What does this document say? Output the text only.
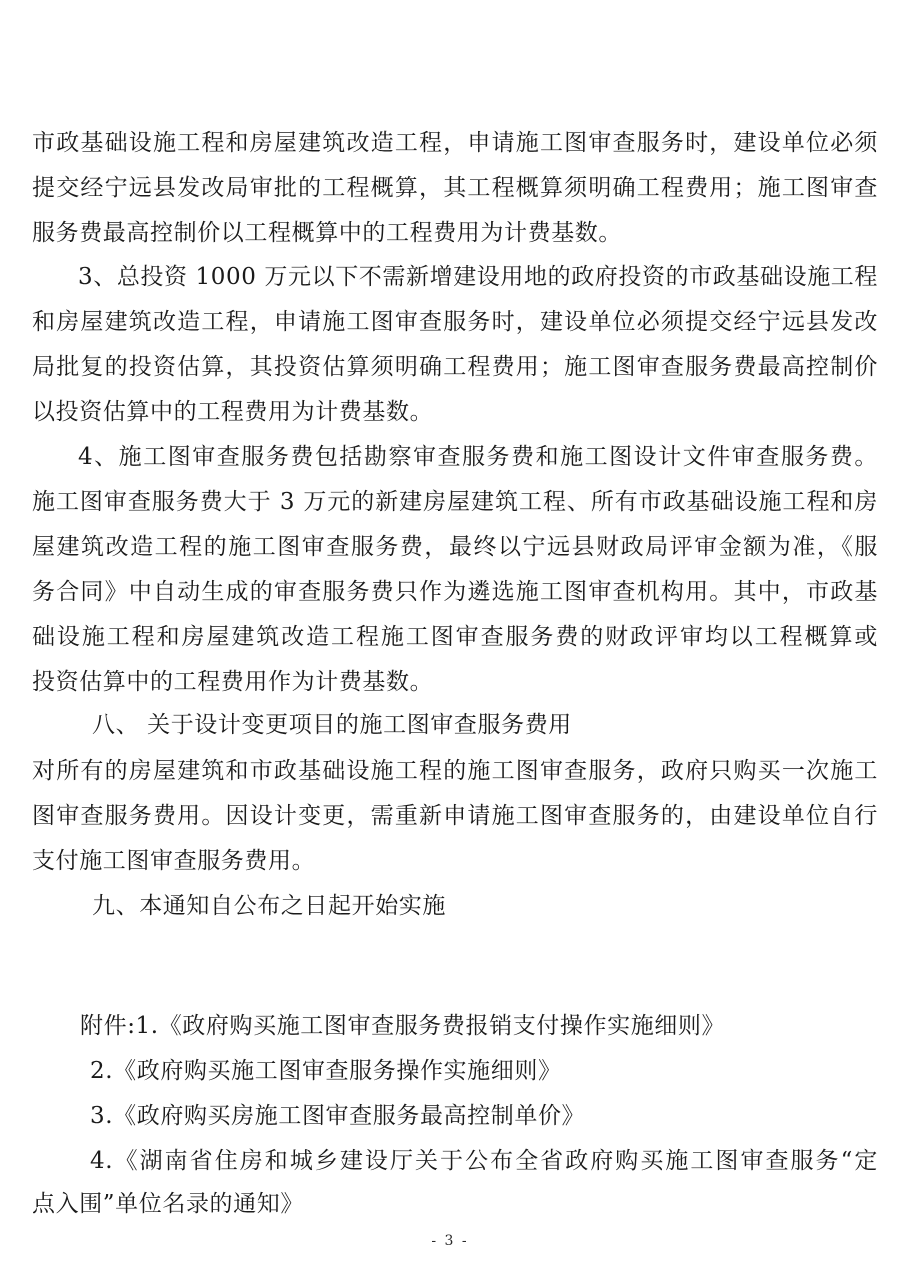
市政基础设施工程和房屋建筑改造工程，申请施工图审查服务时，建设单位必须
提交经宁远县发改局审批的工程概算，其工程概算须明确工程费用；施工图审查
服务费最高控制价以工程概算中的工程费用为计费基数。
3、总投资 1000 万元以下不需新增建设用地的政府投资的市政基础设施工程
和房屋建筑改造工程，申请施工图审查服务时，建设单位必须提交经宁远县发改
局批复的投资估算，其投资估算须明确工程费用；施工图审查服务费最高控制价
以投资估算中的工程费用为计费基数。
4、施工图审查服务费包括勘察审查服务费和施工图设计文件审查服务费。
施工图审查服务费大于 3 万元的新建房屋建筑工程、所有市政基础设施工程和房
屋建筑改造工程的施工图审查服务费，最终以宁远县财政局评审金额为准，《服
务合同》中自动生成的审查服务费只作为遴选施工图审查机构用。其中，市政基
础设施工程和房屋建筑改造工程施工图审查服务费的财政评审均以工程概算或
投资估算中的工程费用作为计费基数。
八、 关于设计变更项目的施工图审查服务费用
对所有的房屋建筑和市政基础设施工程的施工图审查服务，政府只购买一次施工
图审查服务费用。因设计变更，需重新申请施工图审查服务的，由建设单位自行
支付施工图审查服务费用。
九、本通知自公布之日起开始实施
附件:1.《政府购买施工图审查服务费报销支付操作实施细则》
2.《政府购买施工图审查服务操作实施细则》
3.《政府购买房施工图审查服务最高控制单价》
4.《湖南省住房和城乡建设厅关于公布全省政府购买施工图审查服务“定
点入围”单位名录的通知》
- 3 -
